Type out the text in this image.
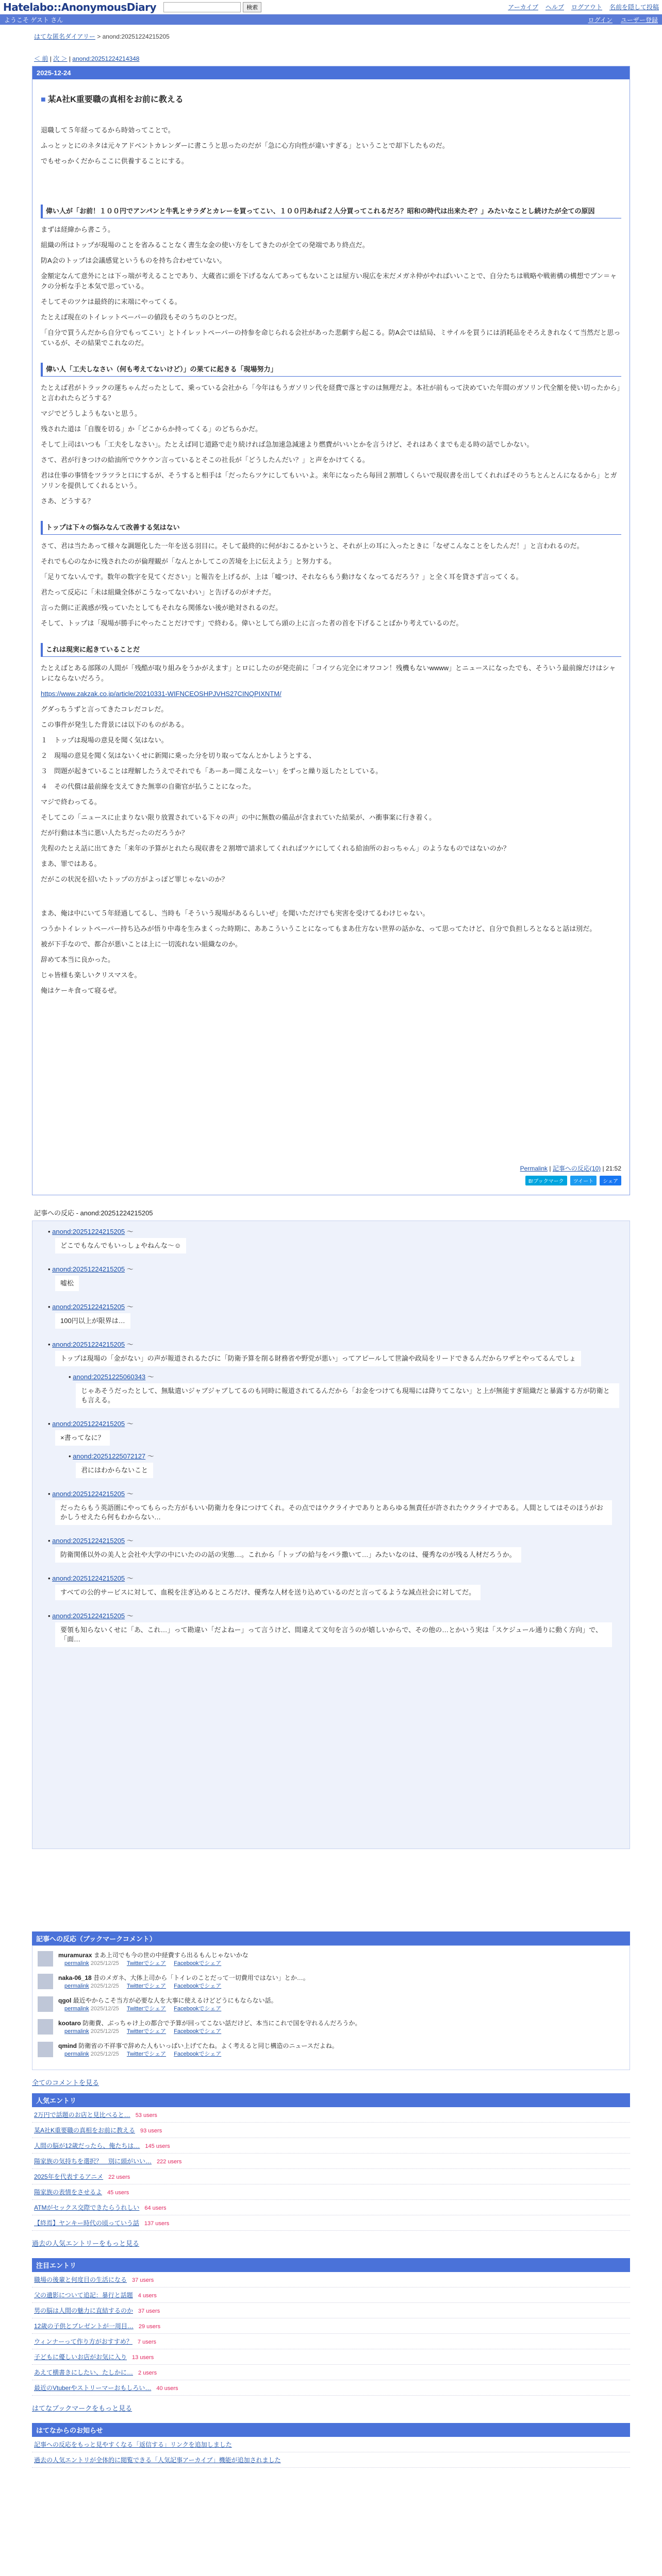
Hatelabo::AnonymousDiary	検索	アーカイブ ヘルプ ログアウト 名前を隠して投稿
ようこそ ゲスト さん	ログイン ユーザー登録
はてな匿名ダイアリー > anond:20251224215205
＜ 前 | 次 ＞ | anond:20251224214348
2025-12-24
■ 某A社K重要職の真相をお前に教える

退職して５年経ってるから時効ってことで。

ふっとッとにのネタは元々アドベントカレンダーに書こうと思ったのだが「急に心方向性が違いすぎる」ということで却下したものだ。

でもせっかくだからここに供養することにする。

偉い人が「お前！１００円でアンパンと牛乳とサラダとカレーを買ってこい、１００円あれば２人分買ってこれるだろ？昭和の時代は出来たぞ？」みたいなことし続けたが全ての原因

まずは経緯から書こう。

組織の所はトップが現場のことを省みることなく書生な金の使い方をしてきたのが全ての発端であり終点だ。

防A会のトップは会議感覚というものを持ち合わせていない。

金額定なんて意外にとは下っ端が考えることであり、大蔵省に頭を下げるなんてあってもないことは屋方い現広を末だメガネ仲がやればいいことで、自分たちは戦略や戦術構の構想でブン＝ャクの分析な手と本気で思っている。

そしてそのツケは最終的に末端にやってくる。

たとえば現在のトイレットペーパーの値段もそのうちのひとつだ。

「自分で買うんだから自分でもってこい」とトイレットペーパーの持参を命じられる会社があった悲劇すら起こる。防A会では結局、ミサイルを買うには消耗品をそろえきれなくて当然だと思っているが、その結果でこれなのだ。

偉い人「工夫しなさい（何も考えてないけど）」の果てに起きる「現場努力」

たとえば君がトラックの運ちゃんだったとして、乗っている会社から「今年はもうガソリン代を経費で落とすのは無理だよ。本社が前もって決めていた年間のガソリン代全額を使い切ったから」と言われたらどうする？

マジでどうしようもないと思う。

残された道は「自腹を切る」か「どこからか持ってくる」のどちらかだ。

そして上司はいつも「工夫をしなさい」。たとえば同じ道路で走り続ければ急加速急減速より燃費がいいとかを言うけど、それはあくまでも走る時の話でしかない。

さて、君が行きつけの給油所でウケウン言っているとそこの社長が「どうしたんだい？」と声をかけてくる。

君は仕事の事情をツラツラと口にするが、そうすると相手は「だったらツケにしてもいいよ。来年になったら毎回２割増しくらいで現収書を出してくれればそのうちとんとんになるから」とガソリンを提供してくれるという。

さあ、どうする？

トップは下々の悩みなんて改善する気はない

さて、君は当たあって様々な調題化した一年を送る羽目に。そして最終的に何がおこるかというと、それが上の耳に入ったときに「なぜこんなことをしたんだ！」と言われるのだ。

それでも心のなかに残されたのが倫理観が「なんとかしてこの苦境を上に伝えよう」と努力する。

「足りてないんです。数年の数字を見てください」と報告を上げるが、上は「嘘つけ、それならもう動けなくなってるだろう？」と全く耳を貸さず言ってくる。

君たって反応に「未は組織全体がこうなってないわい」と告げるのがオチだ。

言った側に正義感が残っていたとしてもそれなら関係ない後が絶対されるのだ。

そして、トップは「現場が勝手にやったことだけです」で終わる。偉いとしてら頭の上に言った者の首を下げることばかり考えているのだ。

これは現実に起きていることだ

たとえばとある部隊の人間が「残酷が取り組みをうかがえます」とロにしたのが発売前に「コイツら完全にオワコン！残機もないwwww」とニュースになったでも、そういう最前線だけはシャレにならないだろう。

https://www.zakzak.co.jp/article/20210331-WIFNCEOSHPJVHS27CINQPIXNTM/

グダっちうずと言ってきたコレだコレだ。

この事件が発生した背景には以下のものがある。

１　トップは現場の意見を聞く気はない。

２　現場の意見を聞く気はないくせに新聞に乗った分を切り取ってなんとかしようとする、

３　問題が起きていることは理解したうえでそれでも「あーあー聞こえなーい」をずっと繰り返したとしている。

４　その代償は最前線を支えてきた無辜の自衛官が払うことになった。

マジで終わってる。

そしてこの「ニュースに止まりない限り放置されている下々の声」の中に無数の備品が含まれていた結果が、ハ衝事案に行き着く。

だが行動は本当に悪い人たちだったのだろうか？

先程のたとえ話に出てきた「来年の予算がとれたら現収書を２割増で請求してくれればツケにしてくれる給油所のおっちゃん」のようなものではないのか？

まあ、罪ではある。

だがこの状況を招いたトップの方がよっぽど罪じゃないのか？

まあ、俺は中にいて５年経過してるし、当時も「そういう現場があるらしいぜ」を聞いただけでも実害を受けてるわけじゃない。

つうかトイレットペーパー持ち込みが悟り中毒を生みまくった時期に、ああこういうことになってもまあ仕方ない世界の話かな、って思ってたけど、自分で負担しろとなると話は別だ。

被が下手なので、都合が悪いことは上に一切流れない組織なのか。

辞めて本当に良かった。

じゃ皆様も楽しいクリスマスを。

俺はケーキ食って寝るぜ。

Permalink | 記事への反応(10) | 21:52
B!ブックマーク	ツイート	シェア
記事への反応 - anond:20251224215205
• anond:20251224215205 ～
どこでもなんでもいっしょやねんな〜☺
• anond:20251224215205 ～
嘘松
• anond:20251224215205 ～
100円以上が限界は…
• anond:20251224215205 ～
トップは現場の「金がない」の声が報道されるたびに「防衛予算を削る財務省や野党が悪い」ってアピールして世論や政局をリードできるんだからワザとやってるんでしょ
• anond:20251225060343 ～
じゃあそうだったとして、無駄遣いジャブジャブしてるのも同時に報道されてるんだから「お金をつけても現場には降りてこない」と上が無能すぎ組織だと暴露する方が防衛とも言える。
• anond:20251224215205 ～
×書ってなに？
• anond:20251225072127 ～
君にはわからないこと
• anond:20251224215205 ～
だったらもう英語圏にやってもらった方がもいい防衛力を身につけてくれ。その点ではウクライナでありとあらゆる無責任が許されたウクライナである。人間としてはそのほうがおかしうせえたら何もわからない…
• anond:20251224215205 ～
防衛関係以外の美人と会社や大学の中にいたのの話の実態…。これから「トップの給与をバラ撒いて…」みたいなのは、優秀なのが残る人材だろうか。
• anond:20251224215205 ～
すべての公的サービスに対して、血税を注ぎ込めるところだけ、優秀な人材を送り込めているのだと言ってるような減点社会に対してだ。
• anond:20251224215205 ～
要領も知らないくせに「あ、これ…」って勘違い「だよねー」って言うけど、間違えて文句を言うのが嬉しいからで、その他の…とかいう実は「スケジュール通りに動く方向」で、「面…
記事への反応（ブックマークコメント）
muramurax まあ上司でも今の世の中経費すら出るもんじゃないかな
permalink 2025/12/25 Twitterでシェア Facebookでシェア
naka-06_18 昔のメガネ、大体上司から「トイレのことだって一切費用ではない」とか…。
permalink 2025/12/25 Twitterでシェア Facebookでシェア
qgol 最近やからこそ当方が必要な人を大事に使えるけどどうにもならない話。
permalink 2025/12/25 Twitterでシェア Facebookでシェア
kootaro 防衛費、ぶっちゃけ上の都合で予算が回ってこない話だけど、本当にこれで国を守れるんだろうか。
permalink 2025/12/25 Twitterでシェア Facebookでシェア
qmind 防衛省の不祥事で辞めた人もいっぱい上げてたね。よく考えると同じ構造のニュースだよね。
permalink 2025/12/25 Twitterでシェア Facebookでシェア
全てのコメントを見る
人気エントリ
2万円で話題のお店と見比べると… 53 users
某A社K重要職の真相をお前に教える 93 users
人間の脳が12歳だったら、俺たちは… 145 users
陽家族の気持ちを選択？　別に頭がいい… 222 users
2025年を代表するアニメ 22 users
陽家族の表情をさせるよ 45 users
ATMがセックス交際できたらうれしい 64 users
【終焉】ヤンキー時代の頃っていう話 137 users
過去の人気エントリーをもっと見る
注目エントリ
職場の後輩と何度目の生活になる 37 users
父の遺影について追記：暴行と話題 4 users
男の脳は人間の魅力に直結するのか 37 users
12歳の子供とプレゼントが一周目… 29 users
ウィンナーって作り方がおすすめ？ 7 users
子どもに優しいお店がお気に入り 13 users
あえて横書きにしたい、たしかに… 2 users
最近のVtuberやストリーマーおもしろい… 40 users
はてなブックマークをもっと見る
はてなからのお知らせ
記事への反応をもっと見やすくなる「返信する」リンクを追加しました
過去の人気エントリが全体的に閲覧できる「人気記事アーカイブ」機能が追加されました
